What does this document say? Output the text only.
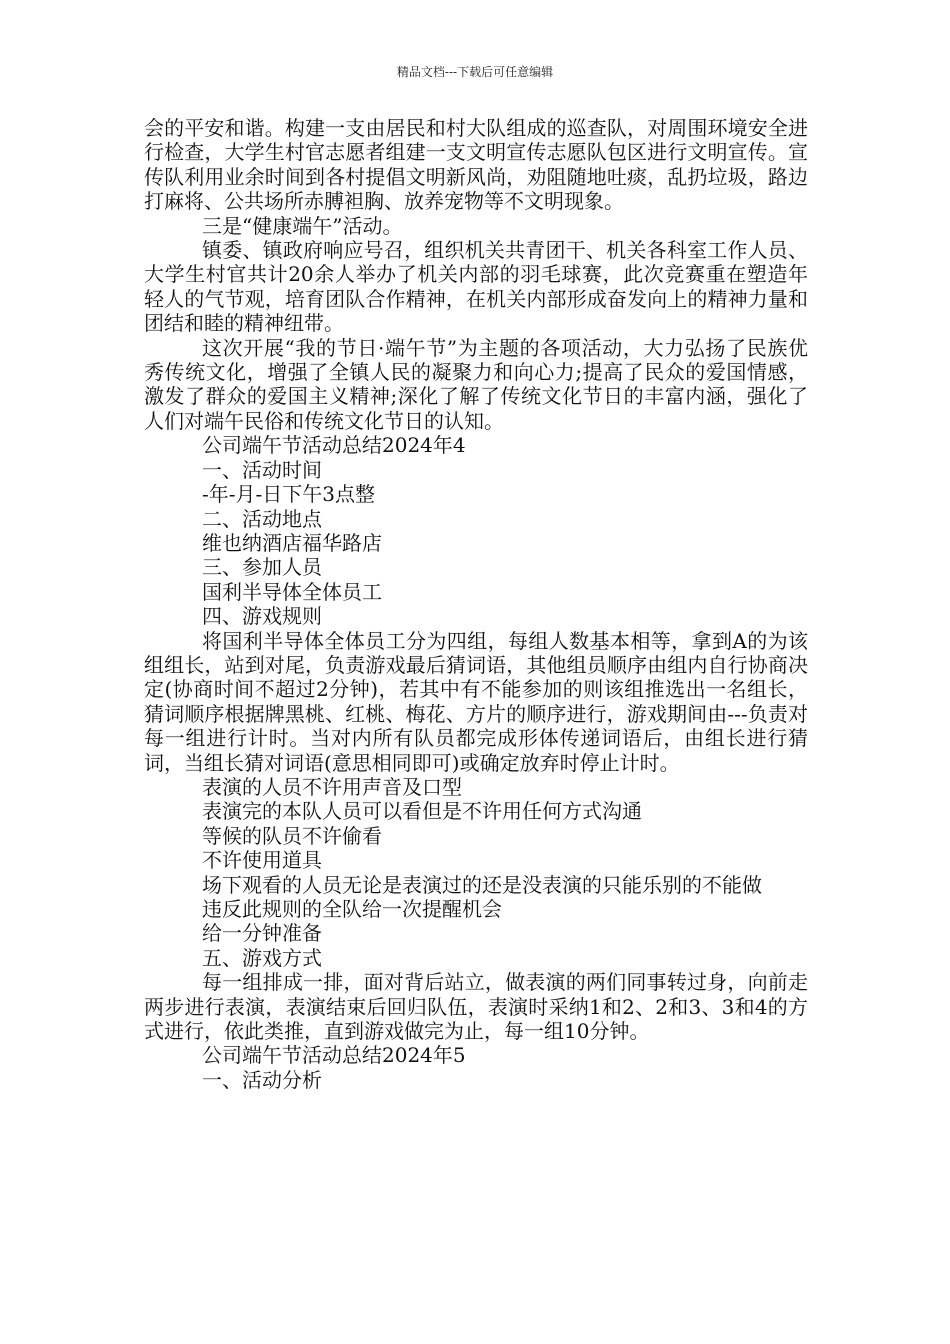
精品文档---下载后可任意编辑

会的平安和谐。构建一支由居民和村大队组成的巡查队，对周围环境安全进行检查，大学生村官志愿者组建一支文明宣传志愿队包区进行文明宣传。宣传队利用业余时间到各村提倡文明新风尚，劝阻随地吐痰，乱扔垃圾，路边打麻将、公共场所赤膊袒胸、放养宠物等不文明现象。

三是“健康端午”活动。

镇委、镇政府响应号召，组织机关共青团干、机关各科室工作人员、大学生村官共计20余人举办了机关内部的羽毛球赛，此次竞赛重在塑造年轻人的气节观，培育团队合作精神，在机关内部形成奋发向上的精神力量和团结和睦的精神纽带。

这次开展“我的节日·端午节”为主题的各项活动，大力弘扬了民族优秀传统文化，增强了全镇人民的凝聚力和向心力;提高了民众的爱国情感，激发了群众的爱国主义精神;深化了解了传统文化节日的丰富内涵，强化了人们对端午民俗和传统文化节日的认知。

公司端午节活动总结2024年4

一、活动时间

-年-月-日下午3点整

二、活动地点

维也纳酒店福华路店

三、参加人员

国利半导体全体员工

四、游戏规则

将国利半导体全体员工分为四组，每组人数基本相等，拿到A的为该组组长，站到对尾，负责游戏最后猜词语，其他组员顺序由组内自行协商决定(协商时间不超过2分钟)，若其中有不能参加的则该组推选出一名组长，猜词顺序根据牌黑桃、红桃、梅花、方片的顺序进行，游戏期间由---负责对每一组进行计时。当对内所有队员都完成形体传递词语后，由组长进行猜词，当组长猜对词语(意思相同即可)或确定放弃时停止计时。

表演的人员不许用声音及口型

表演完的本队人员可以看但是不许用任何方式沟通

等候的队员不许偷看

不许使用道具

场下观看的人员无论是表演过的还是没表演的只能乐别的不能做

违反此规则的全队给一次提醒机会

给一分钟准备

五、游戏方式

每一组排成一排，面对背后站立，做表演的两们同事转过身，向前走两步进行表演，表演结束后回归队伍，表演时采纳1和2、2和3、3和4的方式进行，依此类推，直到游戏做完为止，每一组10分钟。

公司端午节活动总结2024年5

一、活动分析
